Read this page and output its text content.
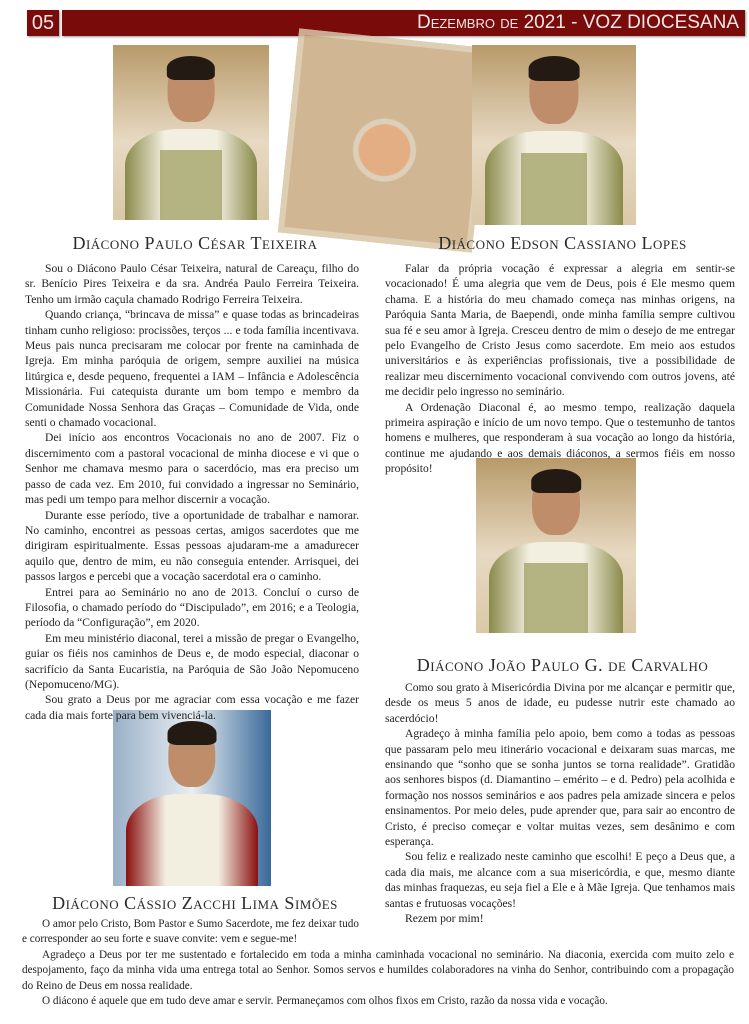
05	Dezembro de 2021 - VOZ DIOCESANA
Diácono Paulo César Teixeira	Diácono Edson Cassiano Lopes
Diácono João Paulo G. de Carvalho
Diácono Cássio Zacchi Lima Simões

Sou o Diácono Paulo César Teixeira, natural de Careaçu, filho do sr. Benício Pires Teixeira e da sra. Andréa Paulo Ferreira Teixeira. Tenho um irmão caçula chamado Rodrigo Ferreira Teixeira.

Quando criança, “brincava de missa” e quase todas as brincadeiras tinham cunho religioso: procissões, terços ... e toda família incentivava. Meus pais nunca precisaram me colocar por frente na caminhada de Igreja. Em minha paróquia de origem, sempre auxiliei na música litúrgica e, desde pequeno, frequentei a IAM – Infância e Adolescência Missionária. Fui catequista durante um bom tempo e membro da Comunidade Nossa Senhora das Graças – Comunidade de Vida, onde senti o chamado vocacional.

Dei início aos encontros Vocacionais no ano de 2007. Fiz o discernimento com a pastoral vocacional de minha diocese e vi que o Senhor me chamava mesmo para o sacerdócio, mas era preciso um passo de cada vez. Em 2010, fui convidado a ingressar no Seminário, mas pedi um tempo para melhor discernir a vocação.

Durante esse período, tive a oportunidade de trabalhar e namorar. No caminho, encontrei as pessoas certas, amigos sacerdotes que me dirigiram espiritualmente. Essas pessoas ajudaram-me a amadurecer aquilo que, dentro de mim, eu não conseguia entender. Arrisquei, dei passos largos e percebi que a vocação sacerdotal era o caminho.

Entrei para ao Seminário no ano de 2013. Concluí o curso de Filosofia, o chamado período do “Discipulado”, em 2016; e a Teologia, período da “Configuração”, em 2020.

Em meu ministério diaconal, terei a missão de pregar o Evangelho, guiar os fiéis nos caminhos de Deus e, de modo especial, diaconar o sacrifício da Santa Eucaristia, na Paróquia de São João Nepomuceno (Nepomuceno/MG).

Sou grato a Deus por me agraciar com essa vocação e me fazer cada dia mais forte para bem vivenciá-la.

Falar da própria vocação é expressar a alegria em sentir-se vocacionado! É uma alegria que vem de Deus, pois é Ele mesmo quem chama. E a história do meu chamado começa nas minhas origens, na Paróquia Santa Maria, de Baependi, onde minha família sempre cultivou sua fé e seu amor à Igreja. Cresceu dentro de mim o desejo de me entregar pelo Evangelho de Cristo Jesus como sacerdote. Em meio aos estudos universitários e às experiências profissionais, tive a possibilidade de realizar meu discernimento vocacional convivendo com outros jovens, até me decidir pelo ingresso no seminário.

A Ordenação Diaconal é, ao mesmo tempo, realização daquela primeira aspiração e início de um novo tempo. Que o testemunho de tantos homens e mulheres, que responderam à sua vocação ao longo da história, continue me ajudando e aos demais diáconos, a sermos fiéis em nosso propósito!

Como sou grato à Misericórdia Divina por me alcançar e permitir que, desde os meus 5 anos de idade, eu pudesse nutrir este chamado ao sacerdócio!

Agradeço à minha família pelo apoio, bem como a todas as pessoas que passaram pelo meu itinerário vocacional e deixaram suas marcas, me ensinando que “sonho que se sonha juntos se torna realidade”. Gratidão aos senhores bispos (d. Diamantino – emérito – e d. Pedro) pela acolhida e formação nos nossos seminários e aos padres pela amizade sincera e pelos ensinamentos. Por meio deles, pude aprender que, para sair ao encontro de Cristo, é preciso começar e voltar muitas vezes, sem desânimo e com esperança.

Sou feliz e realizado neste caminho que escolhi! E peço a Deus que, a cada dia mais, me alcance com a sua misericórdia, e que, mesmo diante das minhas fraquezas, eu seja fiel a Ele e à Mãe Igreja. Que tenhamos mais santas e frutuosas vocações!

Rezem por mim!

O amor pelo Cristo, Bom Pastor e Sumo Sacerdote, me fez deixar tudo

e corresponder ao seu forte e suave convite: vem e segue-me!

Agradeço a Deus por ter me sustentado e fortalecido em toda a minha caminhada vocacional no seminário. Na diaconia, exercida com muito zelo e despojamento, faço da minha vida uma entrega total ao Senhor. Somos servos e humildes colaboradores na vinha do Senhor, contribuindo com a propagação do Reino de Deus em nossa realidade.

O diácono é aquele que em tudo deve amar e servir. Permaneçamos com olhos fixos em Cristo, razão da nossa vida e vocação.
